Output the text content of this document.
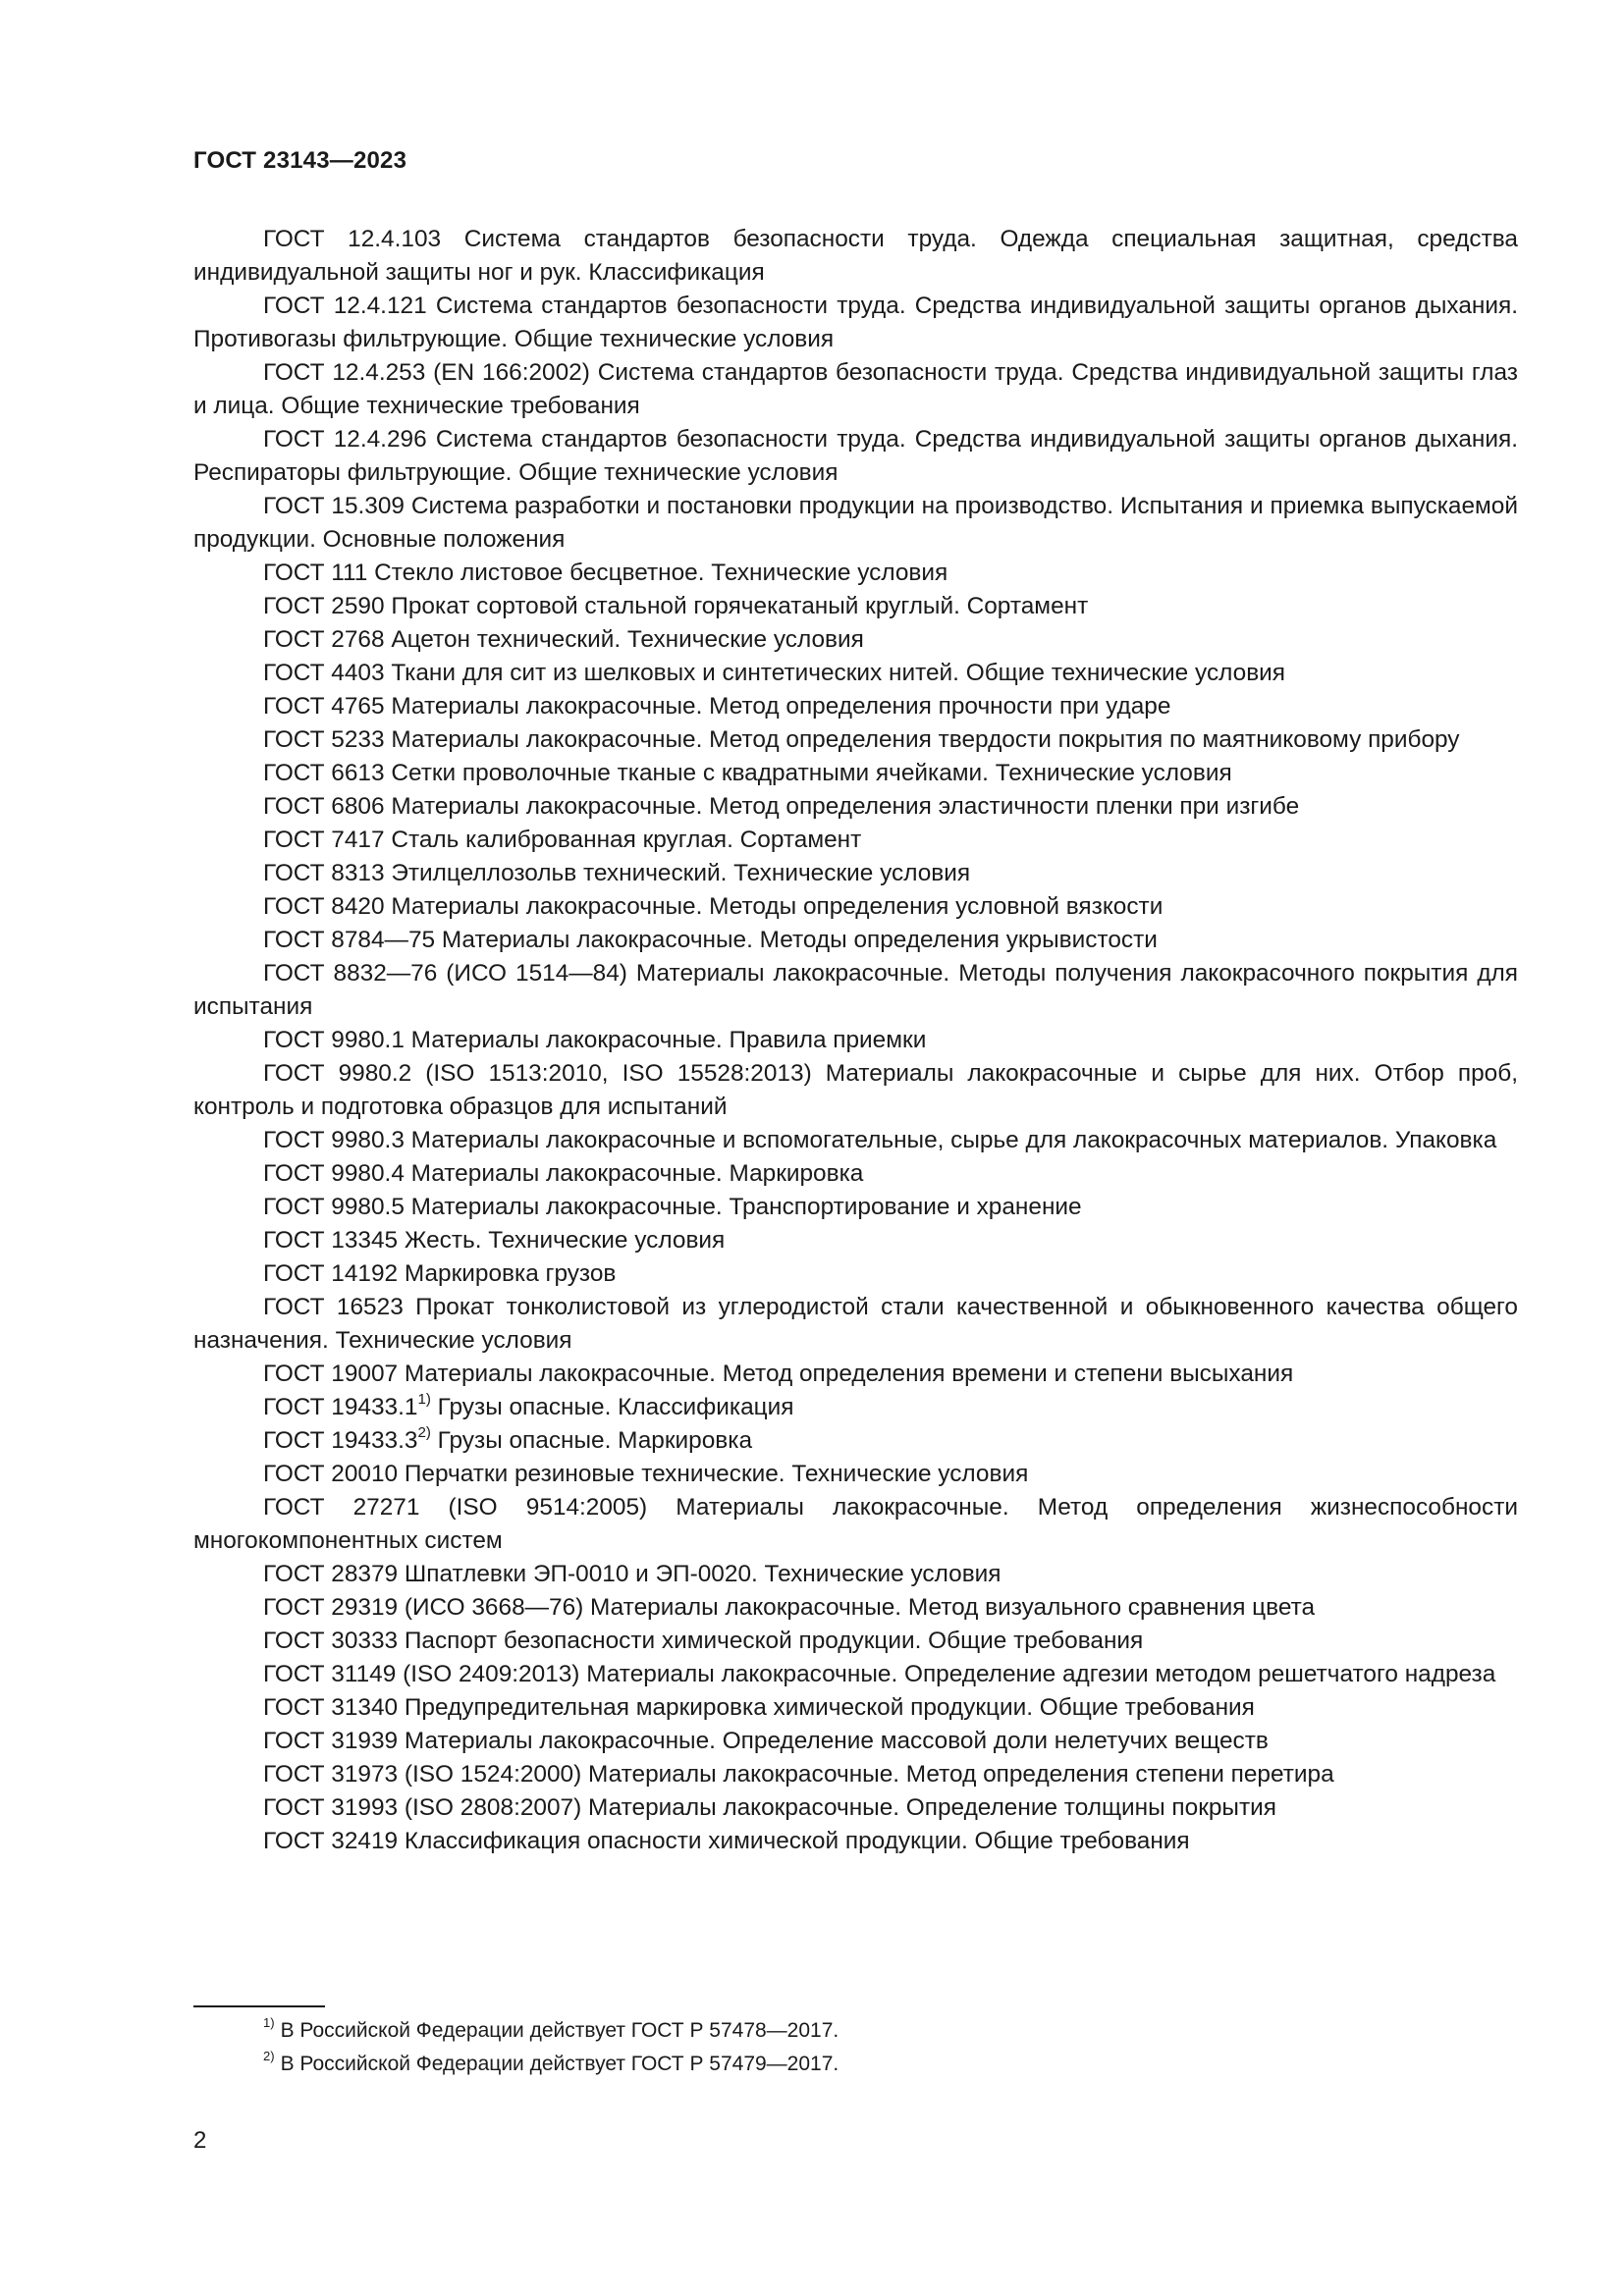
ГОСТ 23143—2023

ГОСТ 12.4.103 Система стандартов безопасности труда. Одежда специальная защитная, средства индивидуальной защиты ног и рук. Классификация

ГОСТ 12.4.121 Система стандартов безопасности труда. Средства индивидуальной защиты органов дыхания. Противогазы фильтрующие. Общие технические условия

ГОСТ 12.4.253 (EN 166:2002) Система стандартов безопасности труда. Средства индивидуальной защиты глаз и лица. Общие технические требования

ГОСТ 12.4.296 Система стандартов безопасности труда. Средства индивидуальной защиты органов дыхания. Респираторы фильтрующие. Общие технические условия

ГОСТ 15.309 Система разработки и постановки продукции на производство. Испытания и приемка выпускаемой продукции. Основные положения

ГОСТ 111 Стекло листовое бесцветное. Технические условия

ГОСТ 2590 Прокат сортовой стальной горячекатаный круглый. Сортамент

ГОСТ 2768 Ацетон технический. Технические условия

ГОСТ 4403 Ткани для сит из шелковых и синтетических нитей. Общие технические условия

ГОСТ 4765 Материалы лакокрасочные. Метод определения прочности при ударе

ГОСТ 5233 Материалы лакокрасочные. Метод определения твердости покрытия по маятниковому прибору

ГОСТ 6613 Сетки проволочные тканые с квадратными ячейками. Технические условия

ГОСТ 6806 Материалы лакокрасочные. Метод определения эластичности пленки при изгибе

ГОСТ 7417 Сталь калиброванная круглая. Сортамент

ГОСТ 8313 Этилцеллозольв технический. Технические условия

ГОСТ 8420 Материалы лакокрасочные. Методы определения условной вязкости

ГОСТ 8784—75 Материалы лакокрасочные. Методы определения укрывистости

ГОСТ 8832—76 (ИСО 1514—84) Материалы лакокрасочные. Методы получения лакокрасочного покрытия для испытания

ГОСТ 9980.1 Материалы лакокрасочные. Правила приемки

ГОСТ 9980.2 (ISO 1513:2010, ISO 15528:2013) Материалы лакокрасочные и сырье для них. Отбор проб, контроль и подготовка образцов для испытаний

ГОСТ 9980.3 Материалы лакокрасочные и вспомогательные, сырье для лакокрасочных материалов. Упаковка

ГОСТ 9980.4 Материалы лакокрасочные. Маркировка

ГОСТ 9980.5 Материалы лакокрасочные. Транспортирование и хранение

ГОСТ 13345 Жесть. Технические условия

ГОСТ 14192 Маркировка грузов

ГОСТ 16523 Прокат тонколистовой из углеродистой стали качественной и обыкновенного качества общего назначения. Технические условия

ГОСТ 19007 Материалы лакокрасочные. Метод определения времени и степени высыхания

ГОСТ 19433.1$^{1)}$ Грузы опасные. Классификация

ГОСТ 19433.3$^{2)}$ Грузы опасные. Маркировка

ГОСТ 20010 Перчатки резиновые технические. Технические условия

ГОСТ 27271 (ISO 9514:2005) Материалы лакокрасочные. Метод определения жизнеспособности многокомпонентных систем

ГОСТ 28379 Шпатлевки ЭП-0010 и ЭП-0020. Технические условия

ГОСТ 29319 (ИСО 3668—76) Материалы лакокрасочные. Метод визуального сравнения цвета

ГОСТ 30333 Паспорт безопасности химической продукции. Общие требования

ГОСТ 31149 (ISO 2409:2013) Материалы лакокрасочные. Определение адгезии методом решетчатого надреза

ГОСТ 31340 Предупредительная маркировка химической продукции. Общие требования

ГОСТ 31939 Материалы лакокрасочные. Определение массовой доли нелетучих веществ

ГОСТ 31973 (ISO 1524:2000) Материалы лакокрасочные. Метод определения степени перетира

ГОСТ 31993 (ISO 2808:2007) Материалы лакокрасочные. Определение толщины покрытия

ГОСТ 32419 Классификация опасности химической продукции. Общие требования

$^{1)}$ В Российской Федерации действует ГОСТ Р 57478—2017.

$^{2)}$ В Российской Федерации действует ГОСТ Р 57479—2017.

2
